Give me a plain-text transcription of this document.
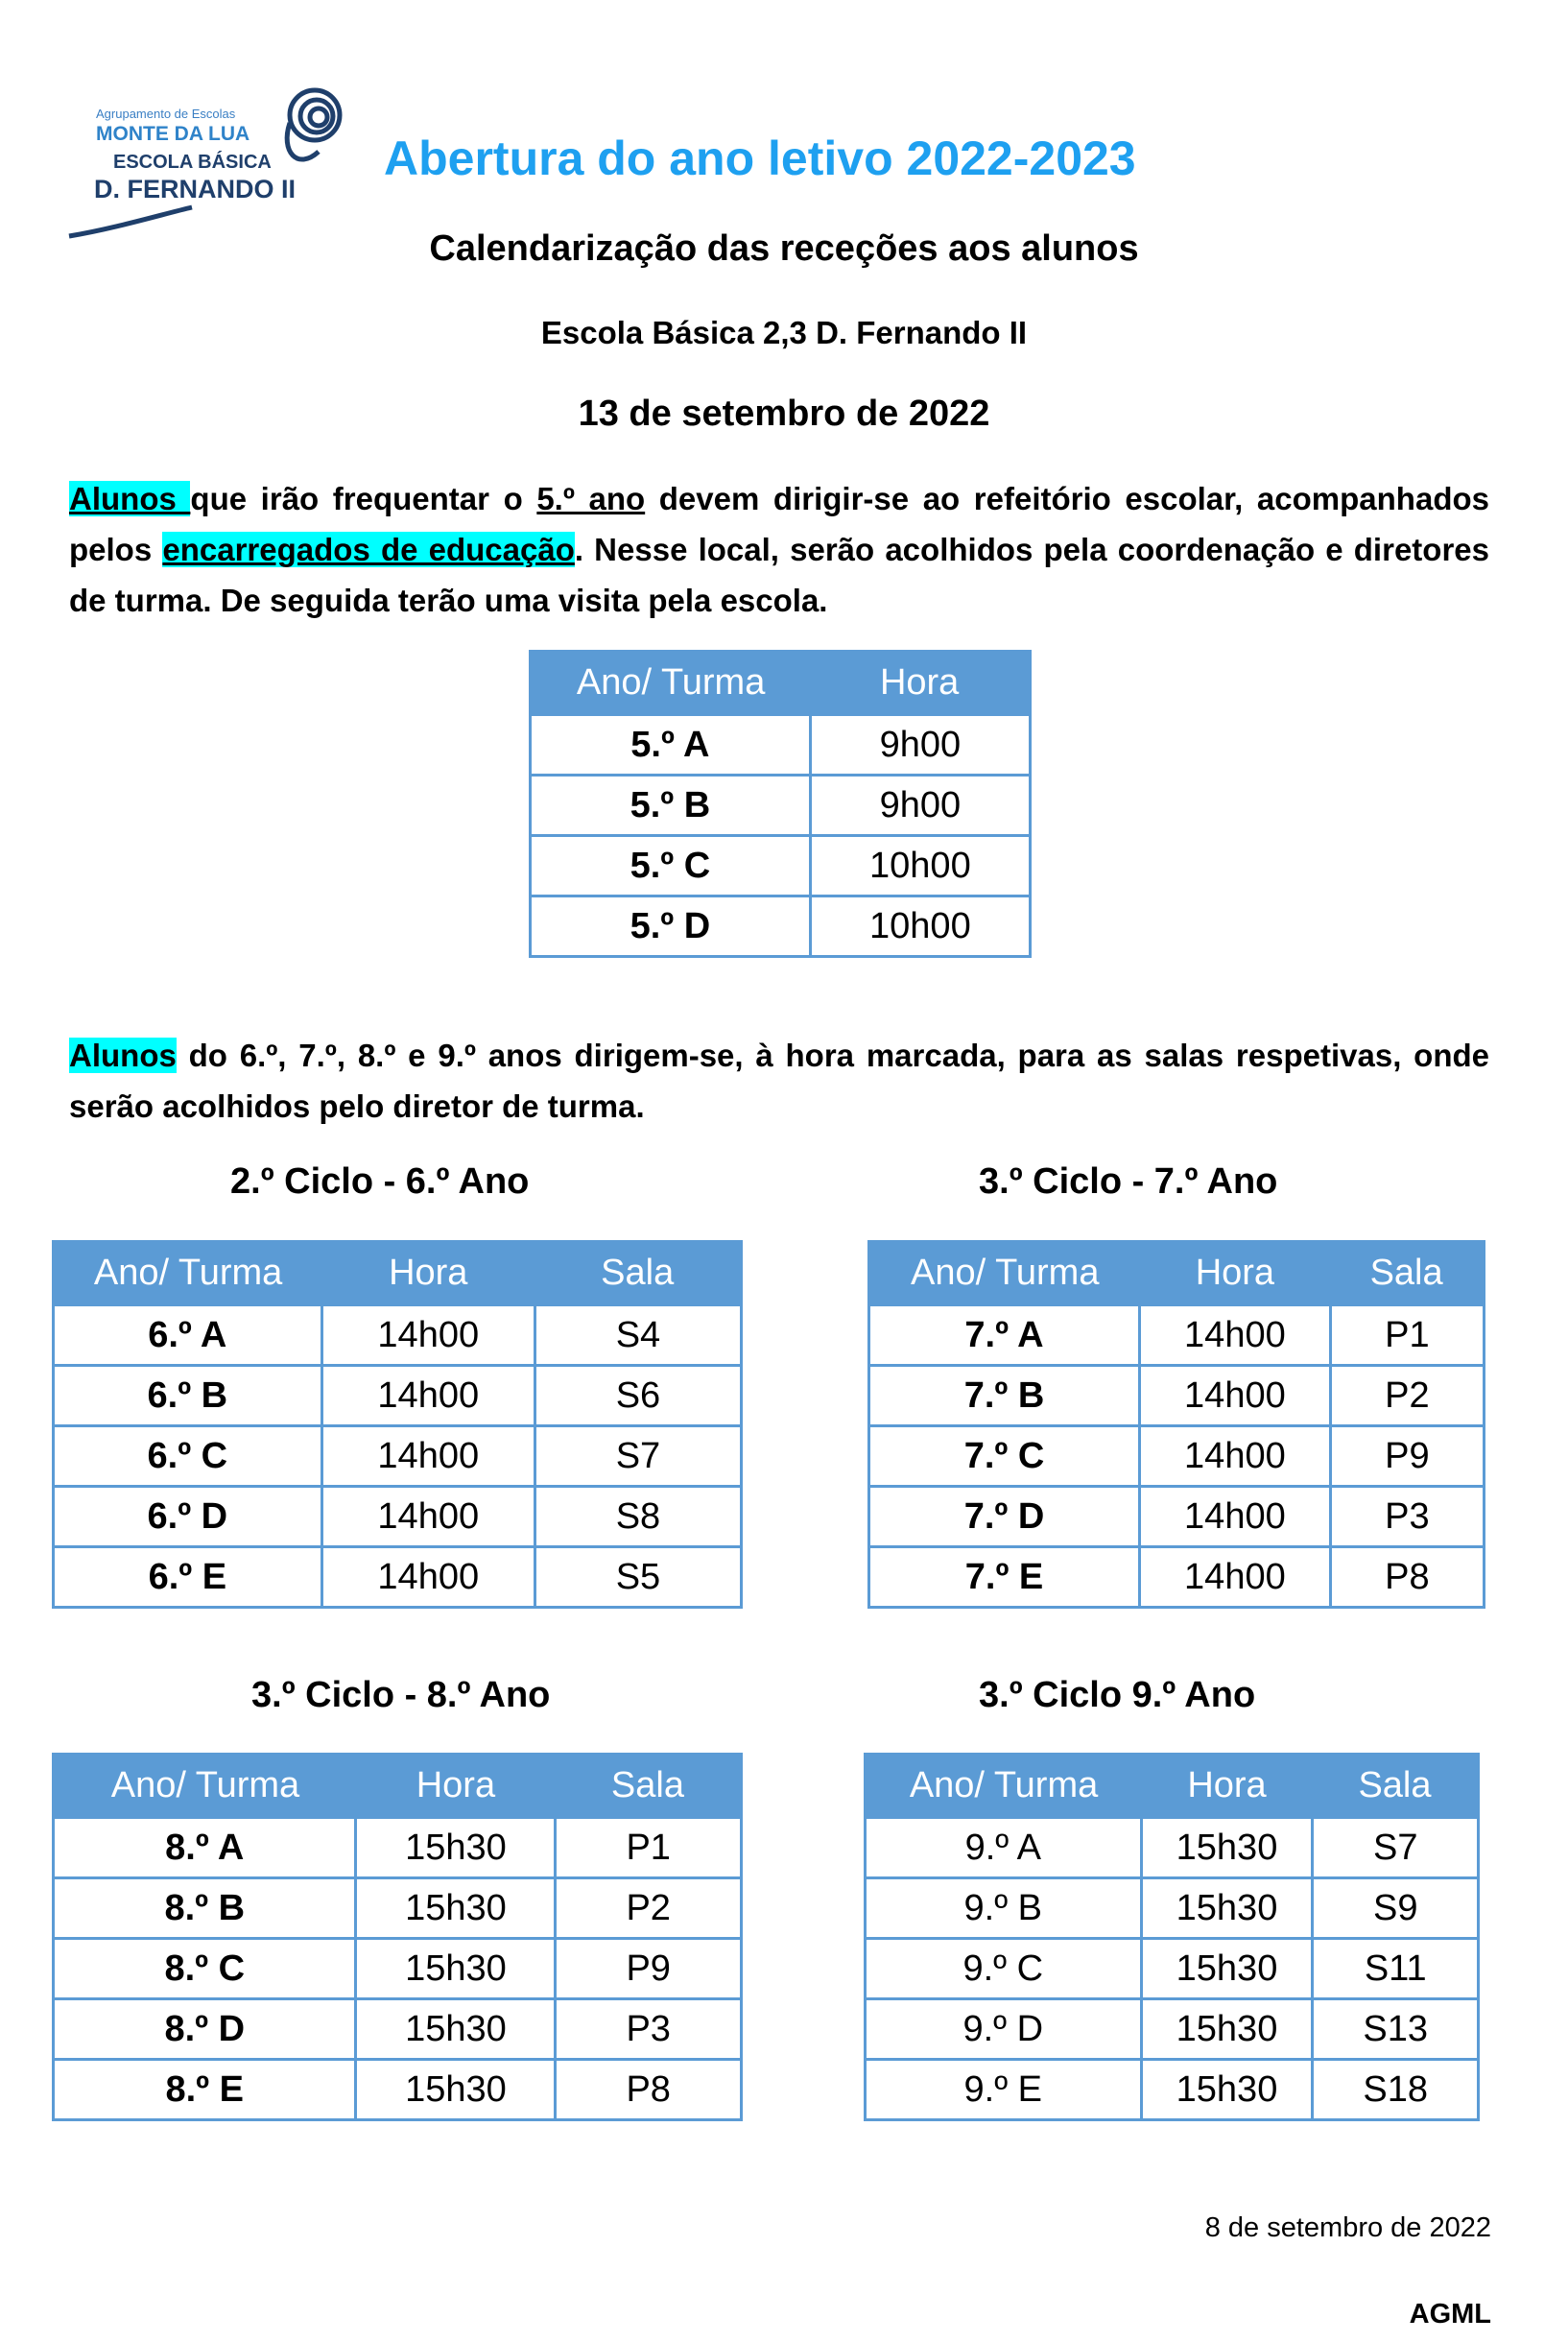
Agrupamento de Escolas
MONTE DA LUA
ESCOLA BÁSICA
D. FERNANDO II
Abertura do ano letivo 2022-2023
Calendarização das receções aos alunos
Escola Básica 2,3 D. Fernando II
13 de setembro de 2022
Alunos que irão frequentar o 5.º ano devem dirigir-se ao refeitório escolar, acompanhados pelos encarregados de educação. Nesse local, serão acolhidos pela coordenação e diretores de turma. De seguida terão uma visita pela escola.
Ano/ Turma	Hora
5.º A	9h00
5.º B	9h00
5.º C	10h00
5.º D	10h00
Alunos do 6.º, 7.º, 8.º e 9.º anos dirigem-se, à hora marcada, para as salas respetivas, onde serão acolhidos pelo diretor de turma.
2.º Ciclo - 6.º Ano	3.º Ciclo - 7.º Ano
3.º Ciclo - 8.º Ano	3.º Ciclo 9.º Ano
Ano/ Turma	Hora	Sala
6.º A	14h00	S4
6.º B	14h00	S6
6.º C	14h00	S7
6.º D	14h00	S8
6.º E	14h00	S5
Ano/ Turma	Hora	Sala
7.º A	14h00	P1
7.º B	14h00	P2
7.º C	14h00	P9
7.º D	14h00	P3
7.º E	14h00	P8
Ano/ Turma	Hora	Sala
8.º A	15h30	P1
8.º B	15h30	P2
8.º C	15h30	P9
8.º D	15h30	P3
8.º E	15h30	P8
Ano/ Turma	Hora	Sala
9.º A	15h30	S7
9.º B	15h30	S9
9.º C	15h30	S11
9.º D	15h30	S13
9.º E	15h30	S18
8 de setembro de 2022
AGML
